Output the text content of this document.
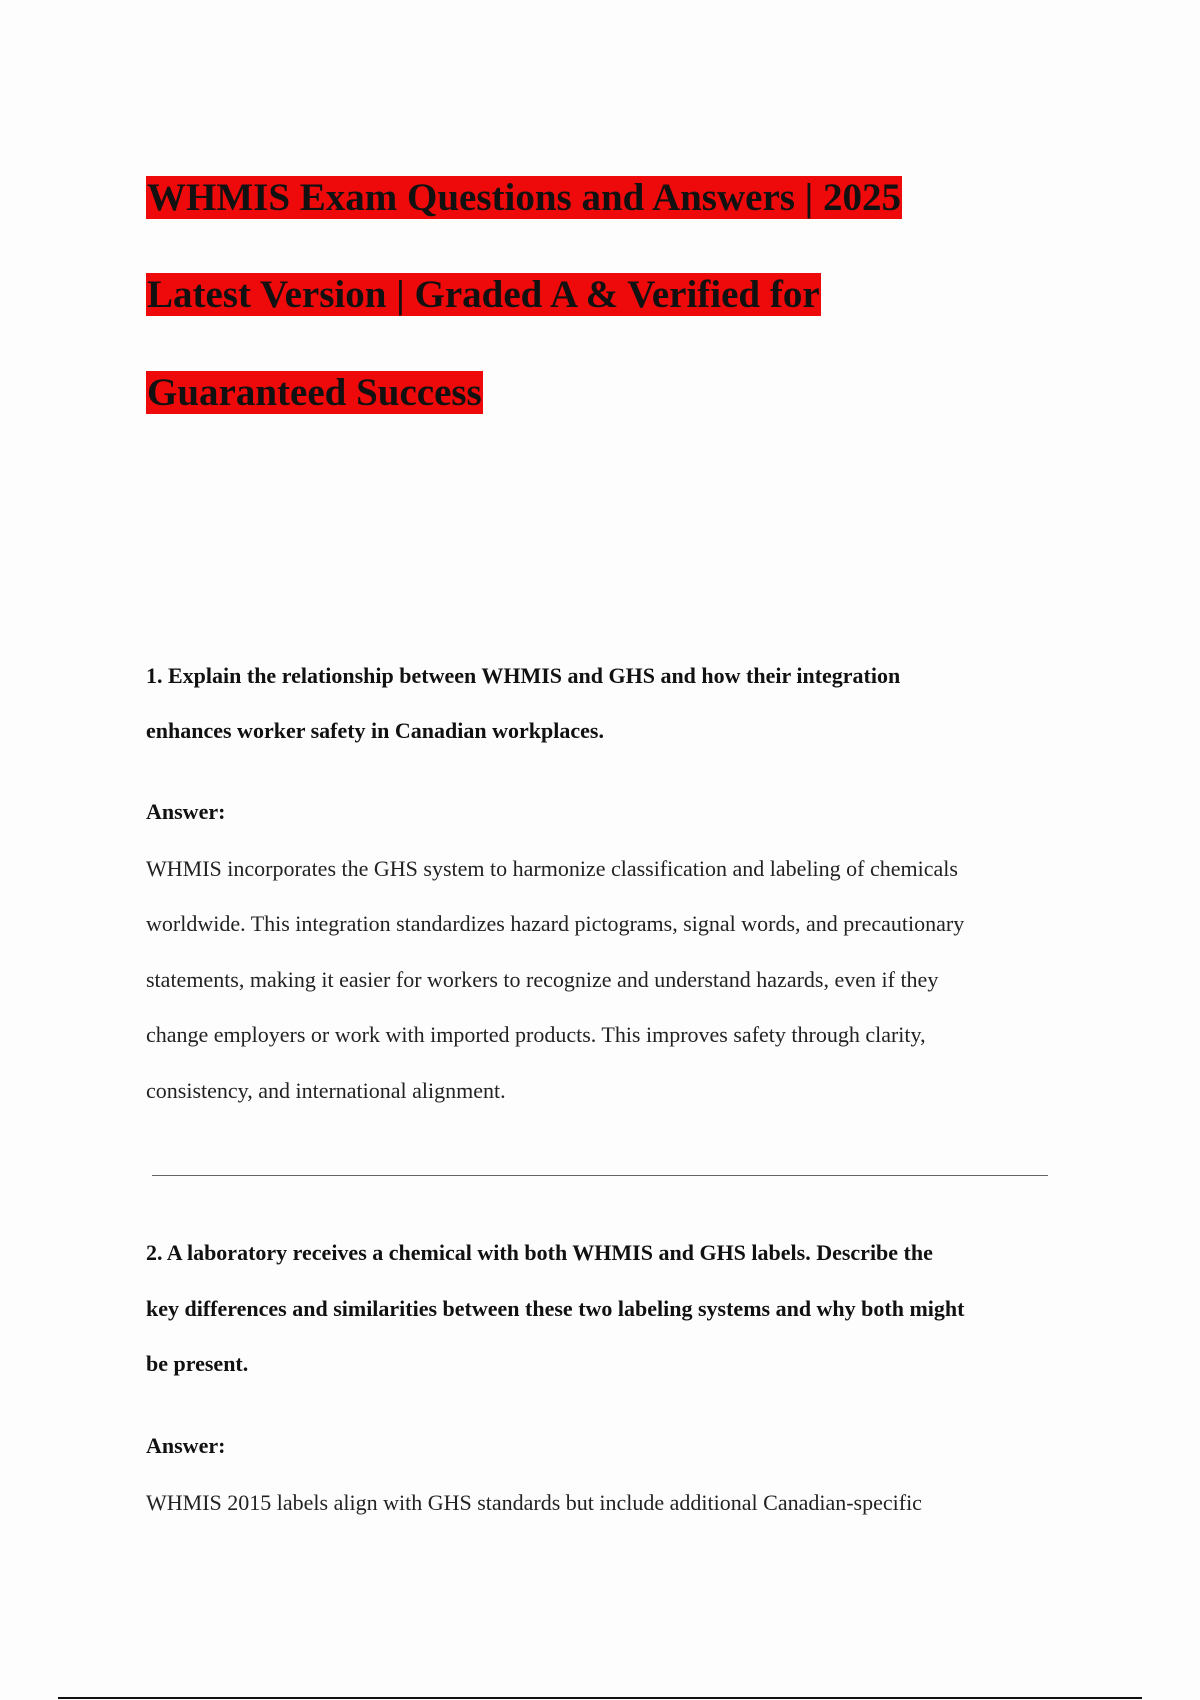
WHMIS Exam Questions and Answers | 2025
Latest Version | Graded A & Verified for
Guaranteed Success

1. Explain the relationship between WHMIS and GHS and how their integration

enhances worker safety in Canadian workplaces.

Answer:

WHMIS incorporates the GHS system to harmonize classification and labeling of chemicals

worldwide. This integration standardizes hazard pictograms, signal words, and precautionary

statements, making it easier for workers to recognize and understand hazards, even if they

change employers or work with imported products. This improves safety through clarity,

consistency, and international alignment.

2. A laboratory receives a chemical with both WHMIS and GHS labels. Describe the

key differences and similarities between these two labeling systems and why both might

be present.

Answer:

WHMIS 2015 labels align with GHS standards but include additional Canadian-specific
